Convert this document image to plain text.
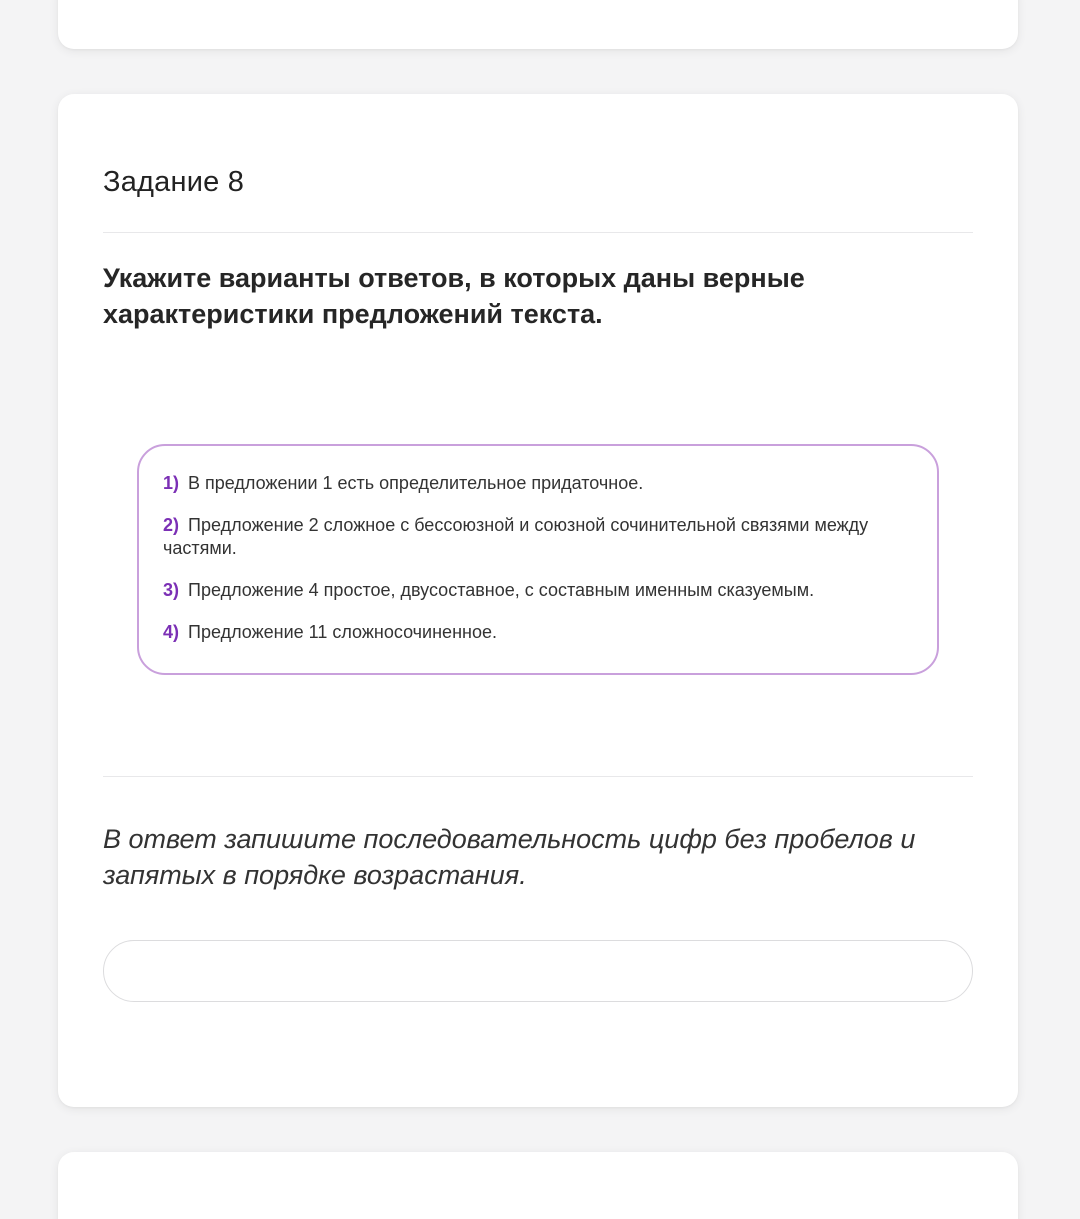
Задание 8

Укажите варианты ответов, в которых даны верные характеристики предложений текста.

1) В предложении 1 есть определительное придаточное.

2) Предложение 2 сложное с бессоюзной и союзной сочинительной связями между частями.

3) Предложение 4 простое, двусоставное, с составным именным сказуемым.

4) Предложение 11 сложносочиненное.

В ответ запишите последовательность цифр без пробелов и запятых в порядке возрастания.
